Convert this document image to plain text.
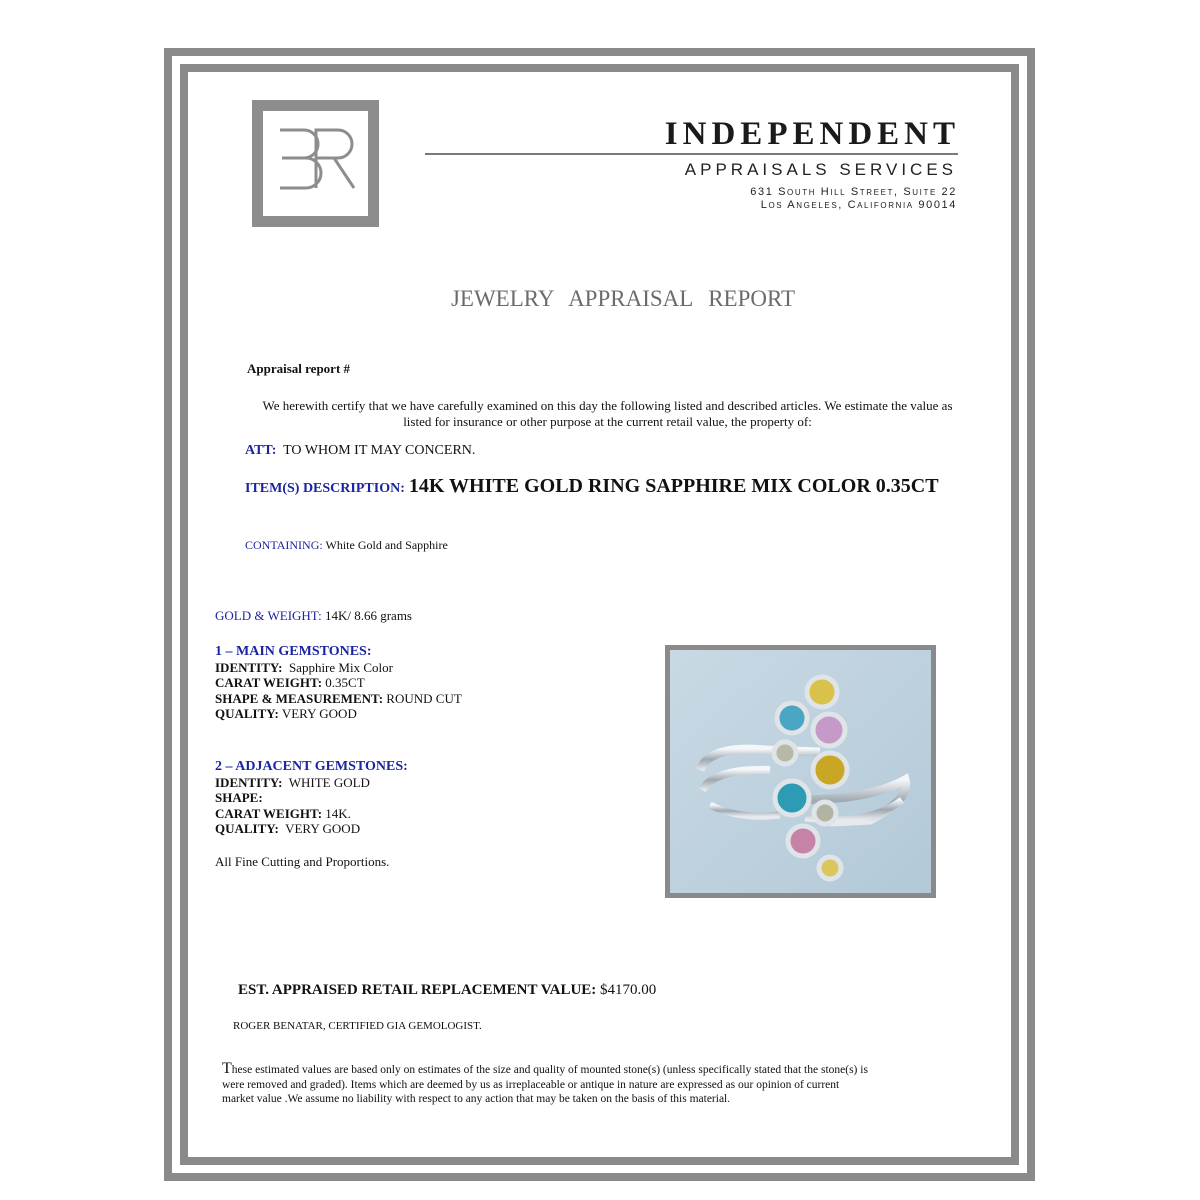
Appraisal
INDEPENDENT
APPRAISALS SERVICES
631 South Hill Street, Suite 22
Los Angeles, California 90014
JEWELRY APPRAISAL REPORT
Appraisal report #
We herewith certify that we have carefully examined on this day the following listed and described articles. We estimate the value as
listed for insurance or other purpose at the current retail value, the property of:
ATT: TO WHOM IT MAY CONCERN.
ITEM(S) DESCRIPTION: 14K WHITE GOLD RING SAPPHIRE MIX COLOR 0.35CT
CONTAINING: White Gold and Sapphire
GOLD & WEIGHT: 14K/ 8.66 grams
1 – MAIN GEMSTONES:
IDENTITY: Sapphire Mix Color
CARAT WEIGHT: 0.35CT
SHAPE & MEASUREMENT: ROUND CUT
QUALITY: VERY GOOD
2 – ADJACENT GEMSTONES:
IDENTITY: WHITE GOLD
SHAPE:
CARAT WEIGHT: 14K.
QUALITY: VERY GOOD
All Fine Cutting and Proportions.
EST. APPRAISED RETAIL REPLACEMENT VALUE: $4170.00
ROGER BENATAR, CERTIFIED GIA GEMOLOGIST.
These estimated values are based only on estimates of the size and quality of mounted stone(s) (unless specifically stated that the stone(s) is
were removed and graded). Items which are deemed by us as irreplaceable or antique in nature are expressed as our opinion of current
market value .We assume no liability with respect to any action that may be taken on the basis of this material.
